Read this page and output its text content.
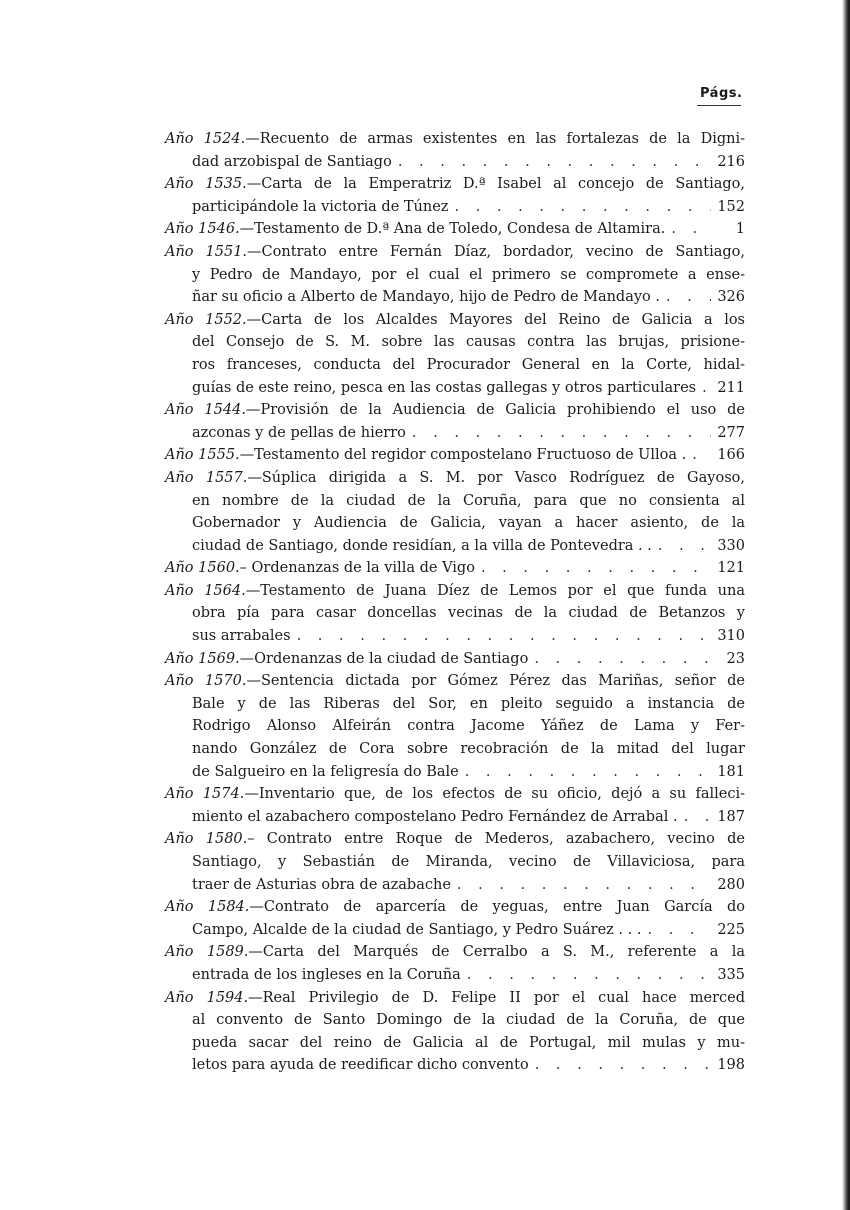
Págs.
Año 1524.—Recuento de armas existentes en las fortalezas de la Digni-
dad arzobispal de Santiago . . .	216
Año 1535.—Carta de la Emperatriz D.ª Isabel al concejo de Santiago,
participándole la victoria de Túnez . . .	152
Año 1546.—Testamento de D.ª Ana de Toledo, Condesa de Altamira. . . .	1
Año 1551.—Contrato entre Fernán Díaz, bordador, vecino de Santiago,
y Pedro de Mandayo, por el cual el primero se compromete a ense-
ñar su oficio a Alberto de Mandayo, hijo de Pedro de Mandayo . . . .	326
Año 1552.—Carta de los Alcaldes Mayores del Reino de Galicia a los
del Consejo de S. M. sobre las causas contra las brujas, prisione-
ros franceses, conducta del Procurador General en la Corte, hidal-
guías de este reino, pesca en las costas gallegas y otros particulares . . . 211
Año 1544.—Provisión de la Audiencia de Galicia prohibiendo el uso de
azconas y de pellas de hierro . . .	277
Año 1555.—Testamento del regidor compostelano Fructuoso de Ulloa . . . . 166
Año 1557.—Súplica dirigida a S. M. por Vasco Rodríguez de Gayoso,
en nombre de la ciudad de la Coruña, para que no consienta al
Gobernador y Audiencia de Galicia, vayan a hacer asiento, de la
ciudad de Santiago, donde residían, a la villa de Pontevedra . . . . .	330
Año 1560.– Ordenanzas de la villa de Vigo . . .	121
Año 1564.—Testamento de Juana Díez de Lemos por el que funda una
obra pía para casar doncellas vecinas de la ciudad de Betanzos y
sus arrabales . . .	310
Año 1569.—Ordenanzas de la ciudad de Santiago . . .	23
Año 1570.—Sentencia dictada por Gómez Pérez das Mariñas, señor de
Bale y de las Riberas del Sor, en pleito seguido a instancia de
Rodrigo Alonso Alfeirán contra Jacome Yáñez de Lama y Fer-
nando González de Cora sobre recobración de la mitad del lugar
de Salgueiro en la feligresía do Bale . . .	181
Año 1574.—Inventario que, de los efectos de su oficio, dejó a su falleci-
miento el azabachero compostelano Pedro Fernández de Arrabal . . . .	187
Año 1580.– Contrato entre Roque de Mederos, azabachero, vecino de
Santiago, y Sebastián de Miranda, vecino de Villaviciosa, para
traer de Asturias obra de azabache . . .	280
Año 1584.—Contrato de aparcería de yeguas, entre Juan García do
Campo, Alcalde de la ciudad de Santiago, y Pedro Suárez . . . . . .	225
Año 1589.—Carta del Marqués de Cerralbo a S. M., referente a la
entrada de los ingleses en la Coruña . . .	335
Año 1594.—Real Privilegio de D. Felipe II por el cual hace merced
al convento de Santo Domingo de la ciudad de la Coruña, de que
pueda sacar del reino de Galicia al de Portugal, mil mulas y mu-
letos para ayuda de reedificar dicho convento . . .	198
